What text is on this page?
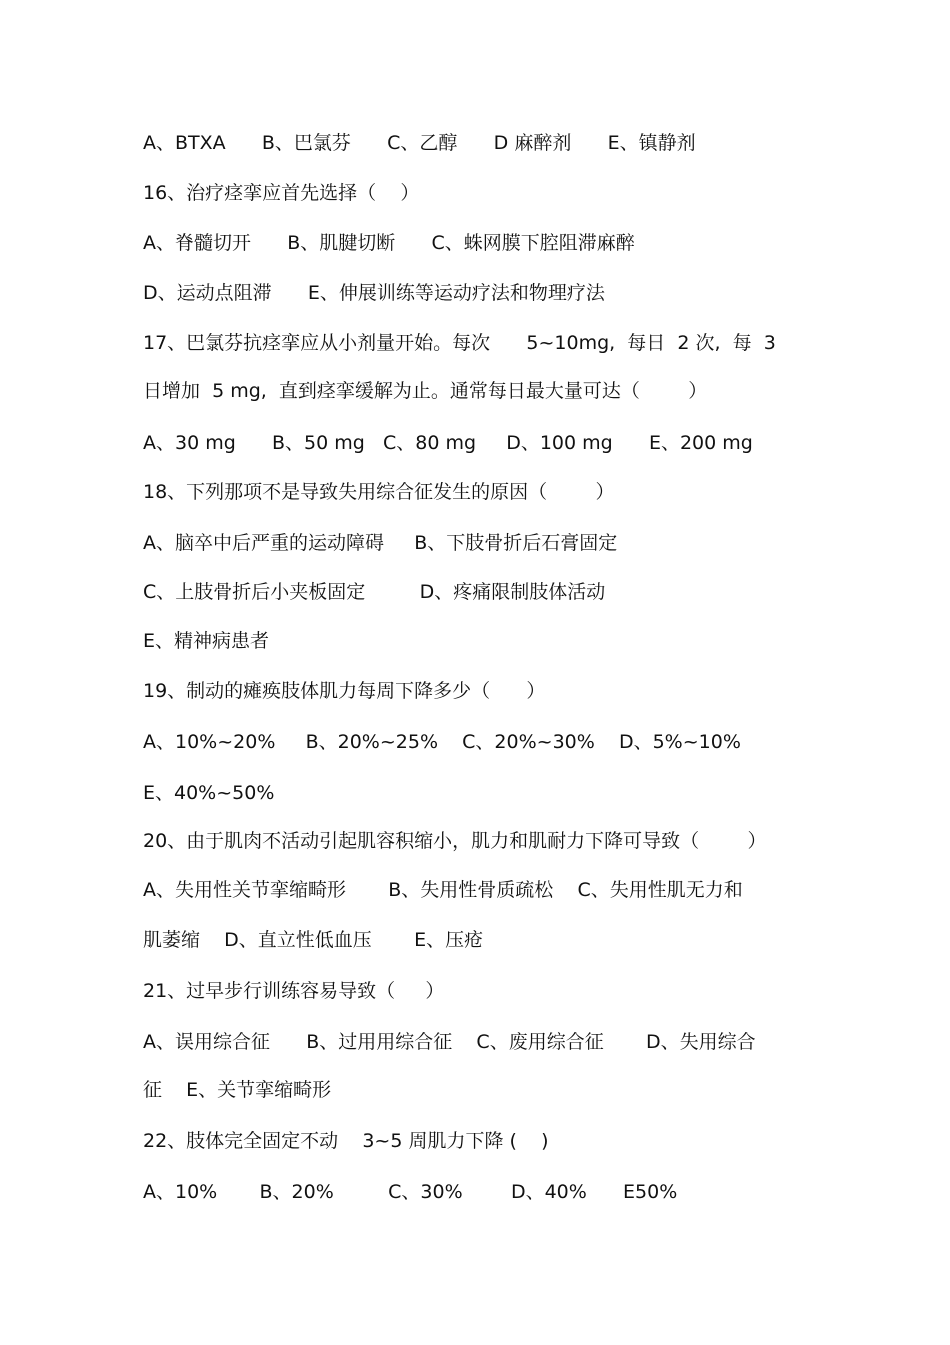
A、BTXA      B、巴氯芬      C、乙醇      D 麻醉剂      E、镇静剂
16、治疗痉挛应首先选择（    ）
A、脊髓切开      B、肌腱切断      C、蛛网膜下腔阻滞麻醉
D、运动点阻滞      E、伸展训练等运动疗法和物理疗法
17、巴氯芬抗痉挛应从小剂量开始。每次      5~10mg,  每日  2 次,  每  3
日增加  5 mg,  直到痉挛缓解为止。通常每日最大量可达（        ）
A、30 mg      B、50 mg   C、80 mg     D、100 mg      E、200 mg
18、下列那项不是导致失用综合征发生的原因（        ）
A、脑卒中后严重的运动障碍     B、下肢骨折后石膏固定
C、上肢骨折后小夹板固定         D、疼痛限制肢体活动
E、精神病患者
19、制动的瘫痪肢体肌力每周下降多少（      ）
A、10%~20%     B、20%~25%    C、20%~30%    D、5%~10%
E、40%~50%
20、由于肌肉不活动引起肌容积缩小，肌力和肌耐力下降可导致（        ）
A、失用性关节挛缩畸形       B、失用性骨质疏松    C、失用性肌无力和
肌萎缩    D、直立性低血压       E、压疮
21、过早步行训练容易导致（     ）
A、误用综合征      B、过用用综合征    C、废用综合征       D、失用综合
征    E、关节挛缩畸形
22、肢体完全固定不动    3~5 周肌力下降 (    )
A、10%       B、20%         C、30%        D、40%      E50%
